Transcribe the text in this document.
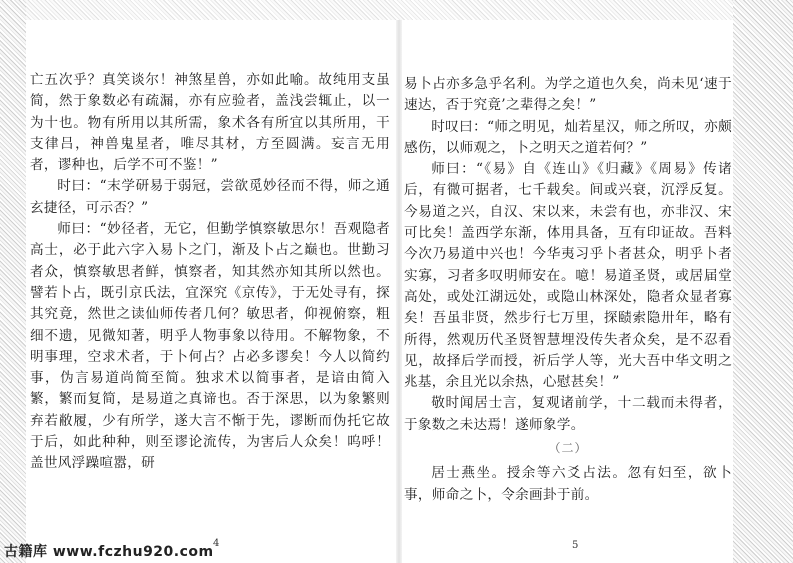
亡五次乎？真笑谈尔！神煞星兽，亦如此喻。故纯用支虽简，然于象数必有疏漏，亦有应验者，盖浅尝辄止，以一为十也。物有所用以其所需，象术各有所宜以其所用，干支律吕，神兽鬼星者，唯尽其材，方至圆满。妄言无用者，谬种也，后学不可不鉴！”

时曰：“末学研易于弱冠，尝欲觅妙径而不得，师之通玄捷径，可示否？”

师曰：“妙径者，无它，但勤学慎察敏思尔！吾观隐者高士，必于此六字入易卜之门，渐及卜占之巅也。世勤习者众，慎察敏思者鲜，慎察者，知其然亦知其所以然也。譬若卜占，既引京氏法，宜深究《京传》，于无处寻有，探其究竟，然世之读仙师传者几何？敏思者，仰视俯察，粗细不遗，见微知著，明乎人物事象以待用。不解物象，不明事理，空求术者，于卜何占？占必多谬矣！今人以简约事，伪言易道尚简至简。独求术以简事者，是谙由简入繁，繁而复简，是易道之真谛也。否于深思，以为象繁则弃若敝履，少有所学，遂大言不惭于先，谬断而伪托它故于后，如此种种，则至谬论流传，为害后人众矣！呜呼！盖世风浮躁喧嚣，研

4

易卜占亦多急乎名利。为学之道也久矣，尚未见‘速于速达，否于究竟’之辈得之矣！”

时叹曰：“师之明见，灿若星汉，师之所叹，亦颇感伤，以师观之，卜之明天之道若何？”

师曰：“《易》自《连山》《归藏》《周易》传诸后，有微可据者，七千载矣。间或兴衰，沉浮反复。今易道之兴，自汉、宋以来，未尝有也，亦非汉、宋可比矣！盖西学东渐，体用具备，互有印证故。吾料今次乃易道中兴也！今华夷习乎卜者甚众，明乎卜者实寡，习者多叹明师安在。噫！易道圣贤，或居届堂高处，或处江湖远处，或隐山林深处，隐者众显者寡矣！吾虽非贤，然步行七万里，探赜索隐卅年，略有所得，然观历代圣贤智慧埋没传失者众矣，是不忍看见，故择后学而授，祈后学人等，光大吾中华文明之兆基，余且光以余热，心慰甚矣！”

敬时闻居士言，复观诸前学，十二载而未得者，于象数之未达焉！遂师象学。

（二）

居士燕坐。授余等六爻占法。忽有妇至，欲卜事，师命之卜，令余画卦于前。

5
古籍库 www.fczhu920.com
